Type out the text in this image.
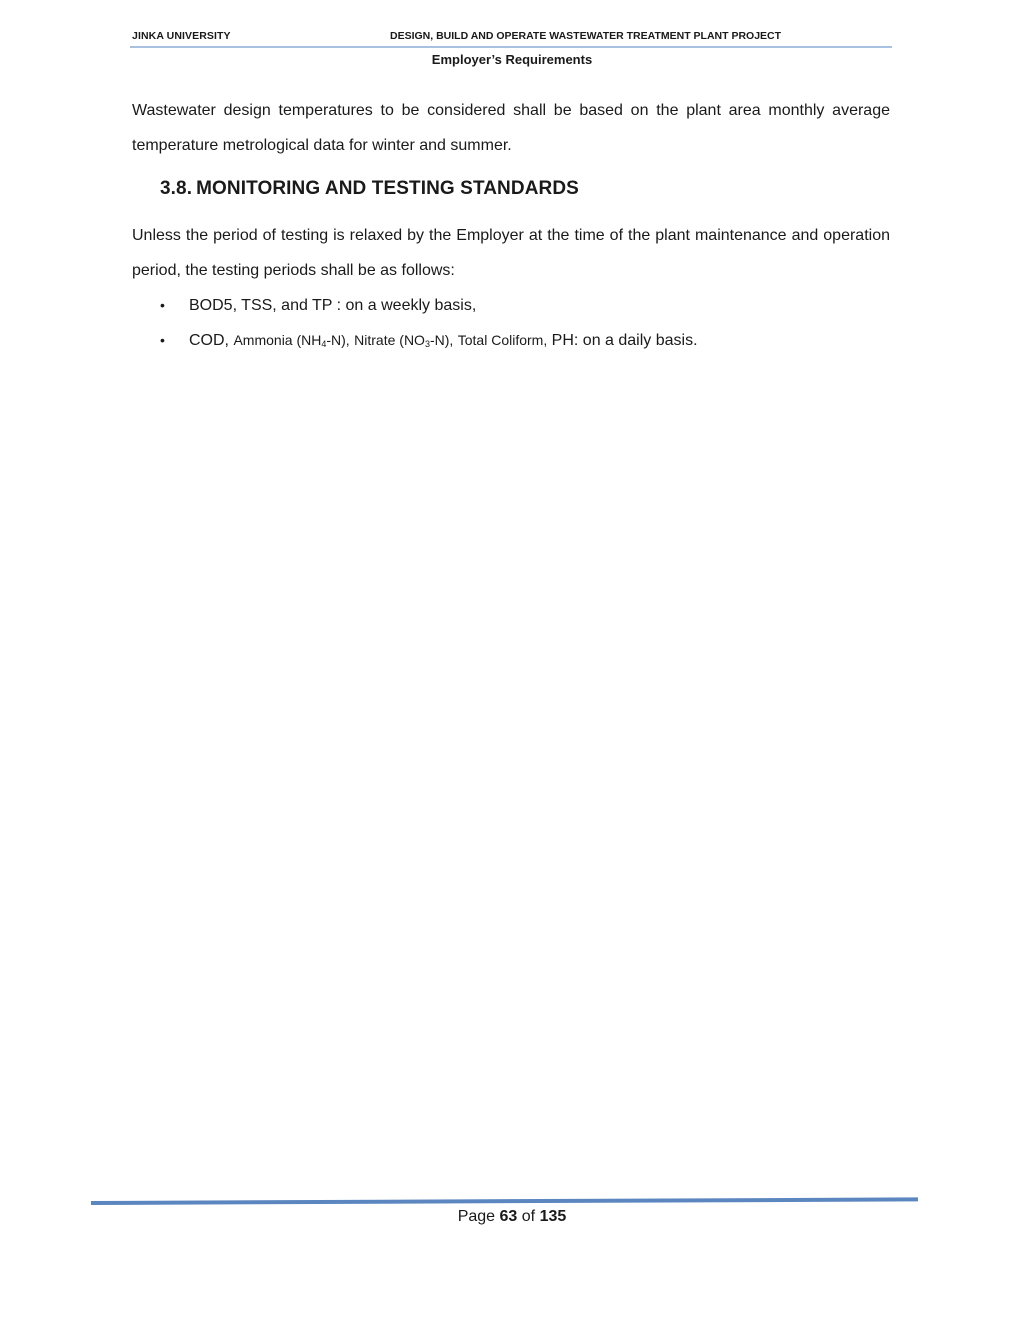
JINKA UNIVERSITY	DESIGN, BUILD AND OPERATE WASTEWATER TREATMENT PLANT PROJECT
Employer’s Requirements

Wastewater design temperatures to be considered shall be based on the plant area monthly average temperature metrological data for winter and summer.

3.8. MONITORING AND TESTING STANDARDS

Unless the period of testing is relaxed by the Employer at the time of the plant maintenance and operation period, the testing periods shall be as follows:

• BOD5, TSS, and TP : on a weekly basis,
• COD, Ammonia $(NH_4-N)$, Nitrate $(NO_3-N)$, Total Coliform, PH: on a daily basis.
Page 63 of 135
